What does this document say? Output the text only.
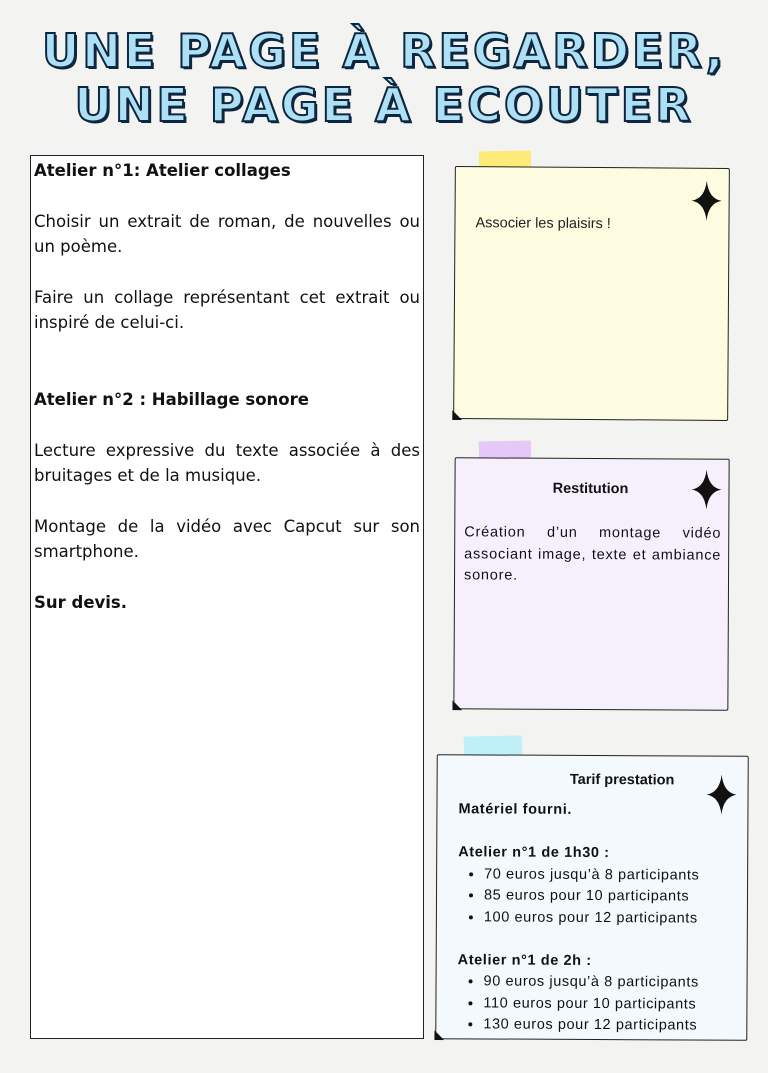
UNE PAGE À REGARDER,
UNE PAGE À ECOUTER

Atelier n°1: Atelier collages

Choisir un extrait de roman, de nouvelles ou un poème.

Faire un collage représentant cet extrait ou inspiré de celui-ci.

Atelier n°2 : Habillage sonore

Lecture expressive du texte associée à des bruitages et de la musique.

Montage de la vidéo avec Capcut sur son smartphone.

Sur devis.

Associer les plaisirs !
Restitution
Création d’un montage vidéo associant image, texte et ambiance sonore.
Tarif prestation
Matériel fourni.
Atelier n°1 de 1h30 :
• 70 euros jusqu’à 8 participants
• 85 euros pour 10 participants
• 100 euros pour 12 participants
Atelier n°1 de 2h :
• 90 euros jusqu’à 8 participants
• 110 euros pour 10 participants
• 130 euros pour 12 participants
